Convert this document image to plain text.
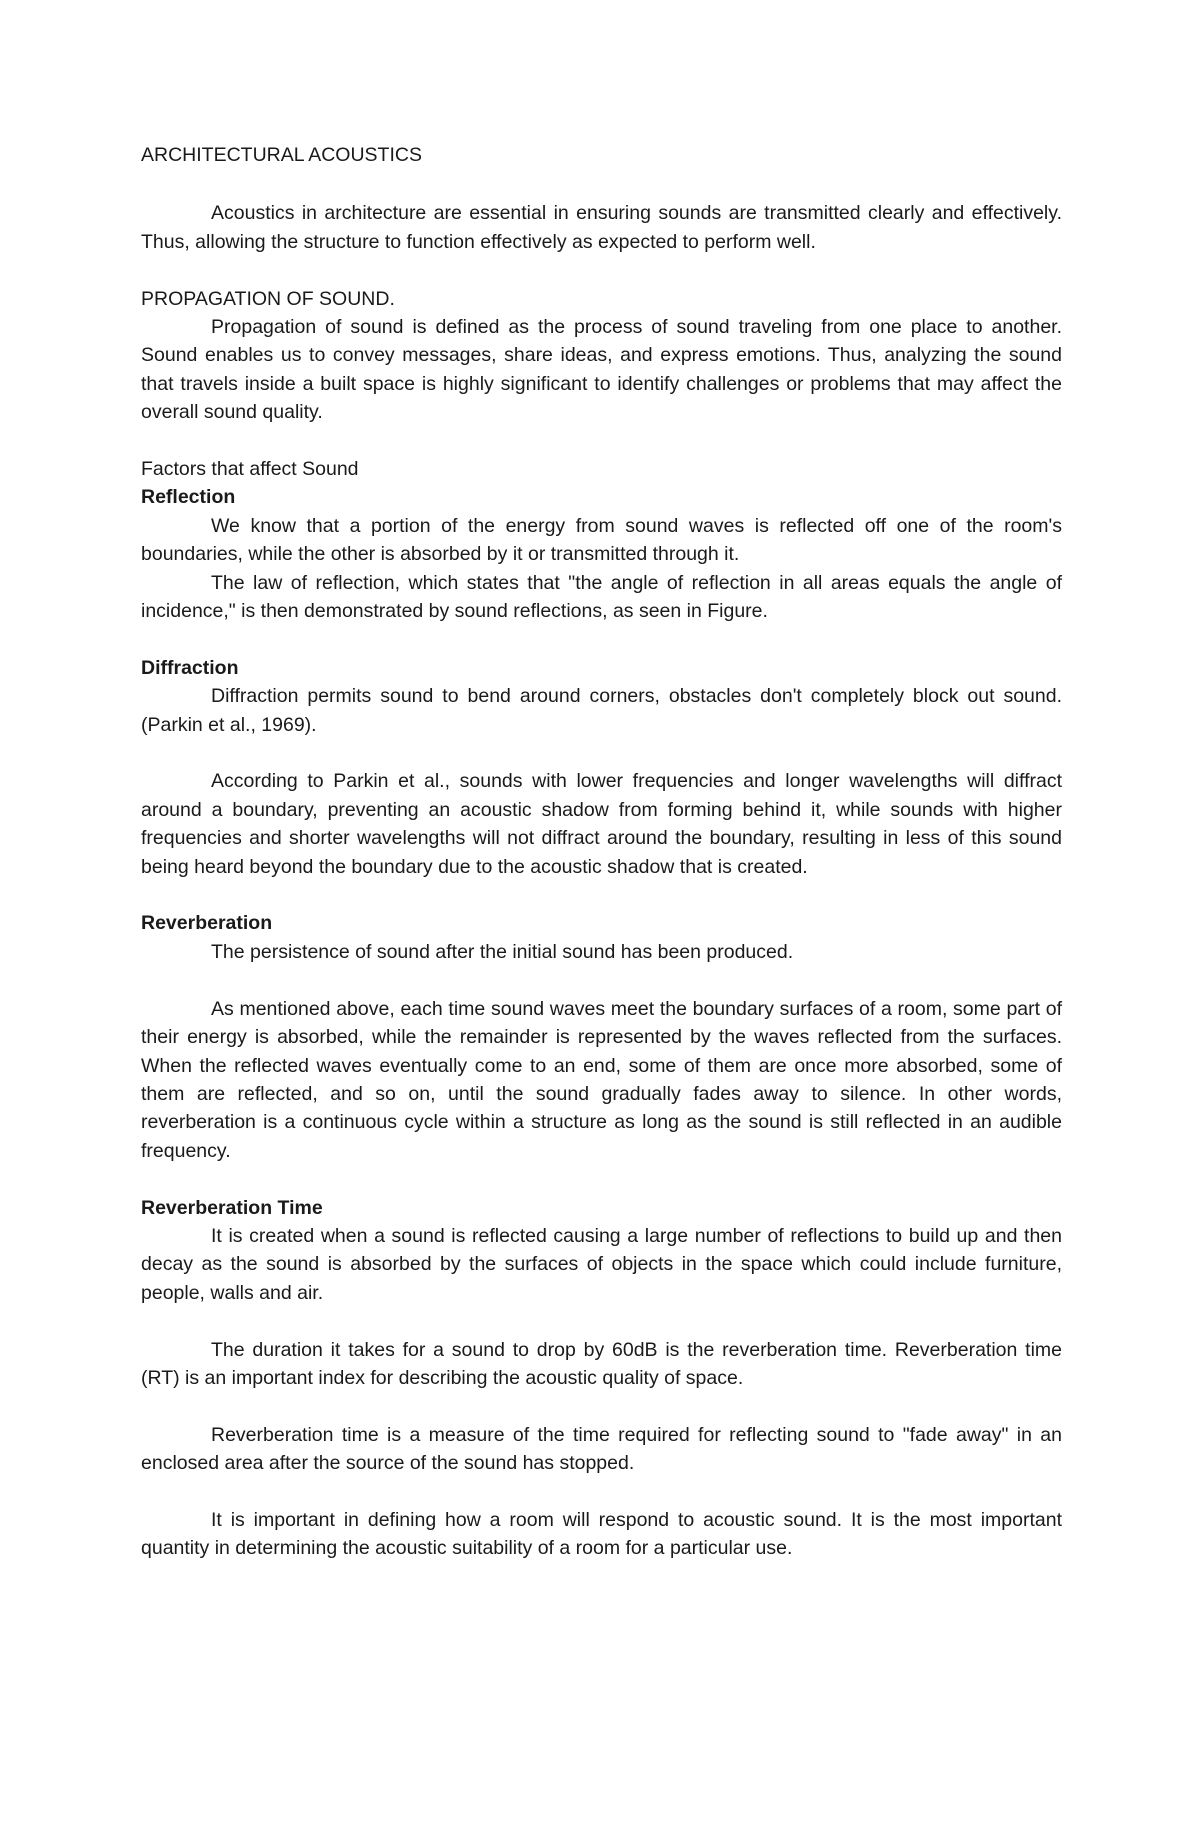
ARCHITECTURAL ACOUSTICS

Acoustics in architecture are essential in ensuring sounds are transmitted clearly and effectively. Thus, allowing the structure to function effectively as expected to perform well.

PROPAGATION OF SOUND.

Propagation of sound is defined as the process of sound traveling from one place to another. Sound enables us to convey messages, share ideas, and express emotions. Thus, analyzing the sound that travels inside a built space is highly significant to identify challenges or problems that may affect the overall sound quality.

Factors that affect Sound

Reflection

We know that a portion of the energy from sound waves is reflected off one of the room's boundaries, while the other is absorbed by it or transmitted through it.

The law of reflection, which states that "the angle of reflection in all areas equals the angle of incidence," is then demonstrated by sound reflections, as seen in Figure.

Diffraction

Diffraction permits sound to bend around corners, obstacles don't completely block out sound. (Parkin et al., 1969).

According to Parkin et al., sounds with lower frequencies and longer wavelengths will diffract around a boundary, preventing an acoustic shadow from forming behind it, while sounds with higher frequencies and shorter wavelengths will not diffract around the boundary, resulting in less of this sound being heard beyond the boundary due to the acoustic shadow that is created.

Reverberation

The persistence of sound after the initial sound has been produced.

As mentioned above, each time sound waves meet the boundary surfaces of a room, some part of their energy is absorbed, while the remainder is represented by the waves reflected from the surfaces. When the reflected waves eventually come to an end, some of them are once more absorbed, some of them are reflected, and so on, until the sound gradually fades away to silence. In other words, reverberation is a continuous cycle within a structure as long as the sound is still reflected in an audible frequency.

Reverberation Time

It is created when a sound is reflected causing a large number of reflections to build up and then decay as the sound is absorbed by the surfaces of objects in the space which could include furniture, people, walls and air.

The duration it takes for a sound to drop by 60dB is the reverberation time. Reverberation time (RT) is an important index for describing the acoustic quality of space.

Reverberation time is a measure of the time required for reflecting sound to "fade away" in an enclosed area after the source of the sound has stopped.

It is important in defining how a room will respond to acoustic sound. It is the most important quantity in determining the acoustic suitability of a room for a particular use.
